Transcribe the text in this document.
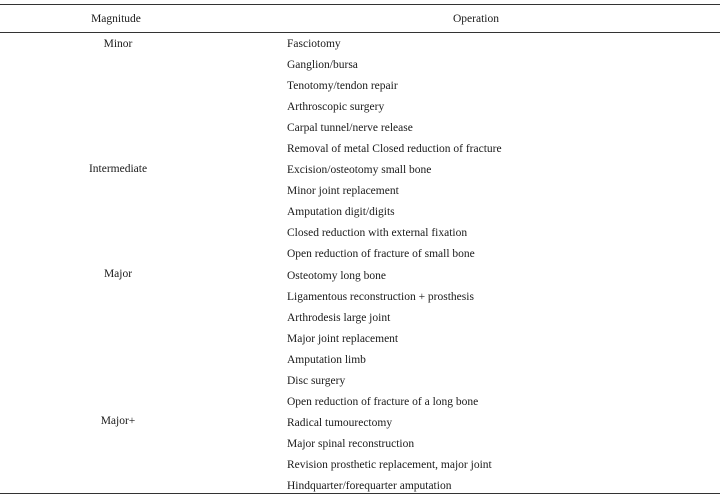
Magnitude	Operation
Minor
Intermediate
Major
Major+
Fasciotomy
Ganglion/bursa
Tenotomy/tendon repair
Arthroscopic surgery
Carpal tunnel/nerve release
Removal of metal Closed reduction of fracture
Excision/osteotomy small bone
Minor joint replacement
Amputation digit/digits
Closed reduction with external fixation
Open reduction of fracture of small bone
Osteotomy long bone
Ligamentous reconstruction + prosthesis
Arthrodesis large joint
Major joint replacement
Amputation limb
Disc surgery
Open reduction of fracture of a long bone
Radical tumourectomy
Major spinal reconstruction
Revision prosthetic replacement, major joint
Hindquarter/forequarter amputation
